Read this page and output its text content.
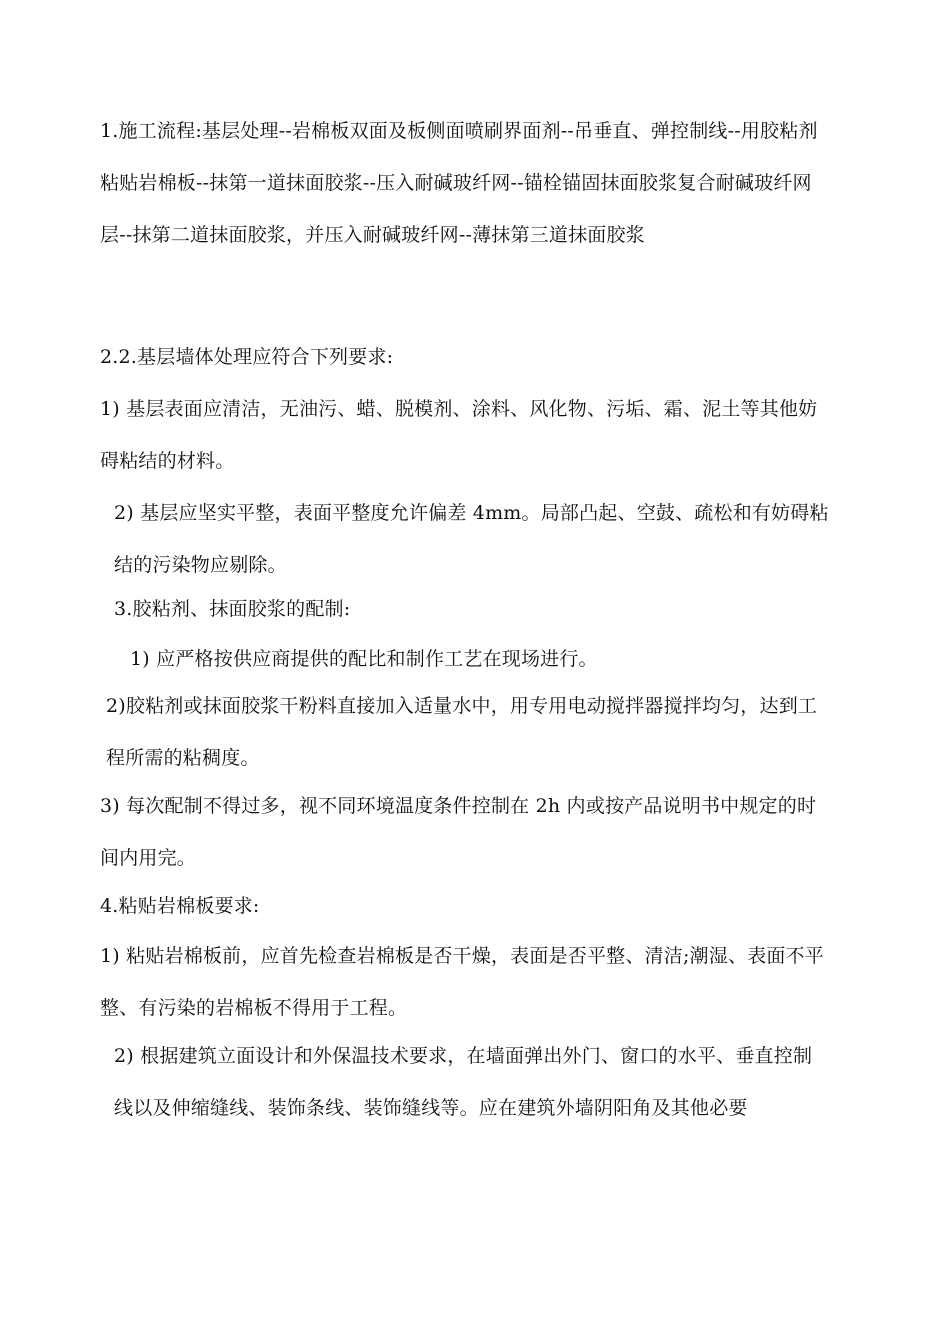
1.施工流程:基层处理--岩棉板双面及板侧面喷刷界面剂--吊垂直、弹控制线--用胶粘剂粘贴岩棉板--抹第一道抹面胶浆--压入耐碱玻纤网--锚栓锚固抹面胶浆复合耐碱玻纤网层--抹第二道抹面胶浆，并压入耐碱玻纤网--薄抹第三道抹面胶浆

2.2.基层墙体处理应符合下列要求:

1) 基层表面应清洁，无油污、蜡、脱模剂、涂料、风化物、污垢、霜、泥土等其他妨碍粘结的材料。

2) 基层应坚实平整，表面平整度允许偏差 4mm。局部凸起、空鼓、疏松和有妨碍粘结的污染物应剔除。

3.胶粘剂、抹面胶浆的配制:

1) 应严格按供应商提供的配比和制作工艺在现场进行。

2)胶粘剂或抹面胶浆干粉料直接加入适量水中，用专用电动搅拌器搅拌均匀，达到工程所需的粘稠度。

3) 每次配制不得过多，视不同环境温度条件控制在 2h 内或按产品说明书中规定的时间内用完。

4.粘贴岩棉板要求:

1) 粘贴岩棉板前，应首先检查岩棉板是否干燥，表面是否平整、清洁;潮湿、表面不平整、有污染的岩棉板不得用于工程。

2) 根据建筑立面设计和外保温技术要求，在墙面弹出外门、窗口的水平、垂直控制线以及伸缩缝线、装饰条线、装饰缝线等。应在建筑外墙阴阳角及其他必要
